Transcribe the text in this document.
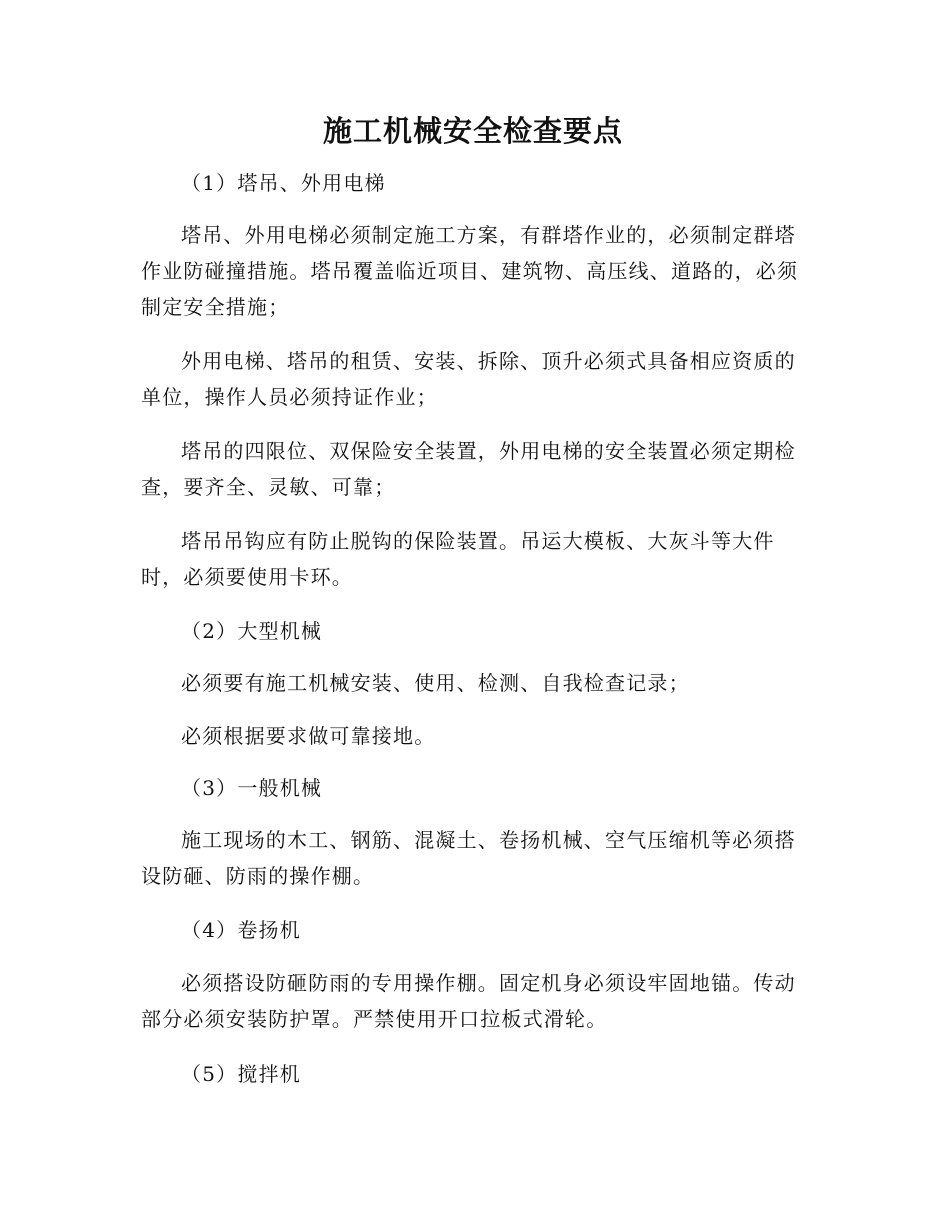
施工机械安全检查要点

（1）塔吊、外用电梯

塔吊、外用电梯必须制定施工方案，有群塔作业的，必须制定群塔作业防碰撞措施。塔吊覆盖临近项目、建筑物、高压线、道路的，必须制定安全措施；

外用电梯、塔吊的租赁、安装、拆除、顶升必须式具备相应资质的单位，操作人员必须持证作业；

塔吊的四限位、双保险安全装置，外用电梯的安全装置必须定期检查，要齐全、灵敏、可靠；

塔吊吊钩应有防止脱钩的保险装置。吊运大模板、大灰斗等大件时，必须要使用卡环。

（2）大型机械

必须要有施工机械安装、使用、检测、自我检查记录；

必须根据要求做可靠接地。

（3）一般机械

施工现场的木工、钢筋、混凝土、卷扬机械、空气压缩机等必须搭设防砸、防雨的操作棚。

（4）卷扬机

必须搭设防砸防雨的专用操作棚。固定机身必须设牢固地锚。传动部分必须安装防护罩。严禁使用开口拉板式滑轮。

（5）搅拌机
